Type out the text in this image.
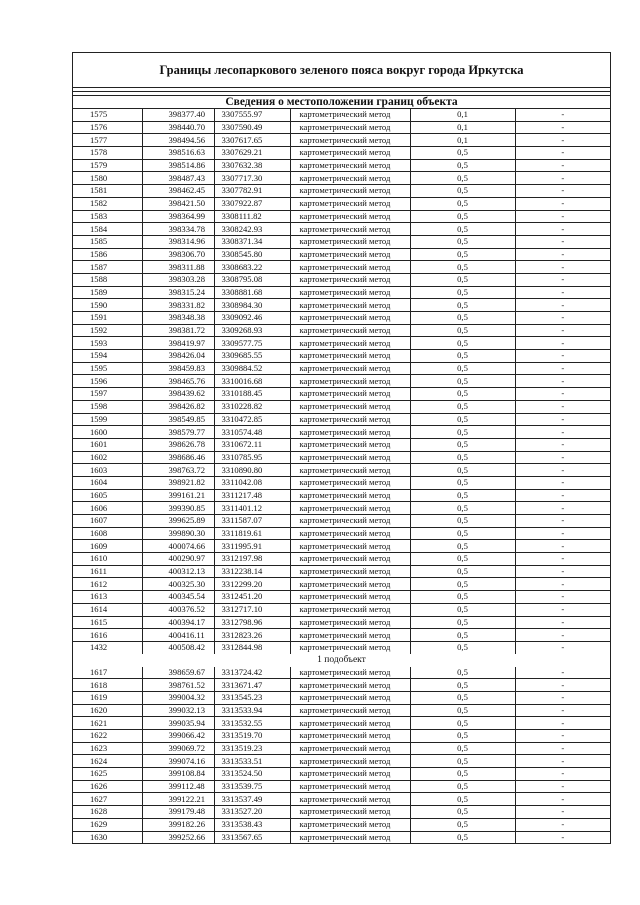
Границы лесопаркового зеленого пояса вокруг города Иркутска
Сведения о местоположении границ объекта
1575	398377.40	3307555.97	картометрический метод	0,1	-
1576	398440.70	3307590.49	картометрический метод	0,1	-
1577	398494.56	3307617.65	картометрический метод	0,1	-
1578	398516.63	3307629.21	картометрический метод	0,5	-
1579	398514.86	3307632.38	картометрический метод	0,5	-
1580	398487.43	3307717.30	картометрический метод	0,5	-
1581	398462.45	3307782.91	картометрический метод	0,5	-
1582	398421.50	3307922.87	картометрический метод	0,5	-
1583	398364.99	3308111.82	картометрический метод	0,5	-
1584	398334.78	3308242.93	картометрический метод	0,5	-
1585	398314.96	3308371.34	картометрический метод	0,5	-
1586	398306.70	3308545.80	картометрический метод	0,5	-
1587	398311.88	3308683.22	картометрический метод	0,5	-
1588	398303.28	3308795.08	картометрический метод	0,5	-
1589	398315.24	3308881.68	картометрический метод	0,5	-
1590	398331.82	3308984.30	картометрический метод	0,5	-
1591	398348.38	3309092.46	картометрический метод	0,5	-
1592	398381.72	3309268.93	картометрический метод	0,5	-
1593	398419.97	3309577.75	картометрический метод	0,5	-
1594	398426.04	3309685.55	картометрический метод	0,5	-
1595	398459.83	3309884.52	картометрический метод	0,5	-
1596	398465.76	3310016.68	картометрический метод	0,5	-
1597	398439.62	3310188.45	картометрический метод	0,5	-
1598	398426.82	3310228.82	картометрический метод	0,5	-
1599	398549.85	3310472.85	картометрический метод	0,5	-
1600	398579.77	3310574.48	картометрический метод	0,5	-
1601	398626.78	3310672.11	картометрический метод	0,5	-
1602	398686.46	3310785.95	картометрический метод	0,5	-
1603	398763.72	3310890.80	картометрический метод	0,5	-
1604	398921.82	3311042.08	картометрический метод	0,5	-
1605	399161.21	3311217.48	картометрический метод	0,5	-
1606	399390.85	3311401.12	картометрический метод	0,5	-
1607	399625.89	3311587.07	картометрический метод	0,5	-
1608	399890.30	3311819.61	картометрический метод	0,5	-
1609	400074.66	3311995.91	картометрический метод	0,5	-
1610	400290.97	3312197.98	картометрический метод	0,5	-
1611	400312.13	3312238.14	картометрический метод	0,5	-
1612	400325.30	3312299.20	картометрический метод	0,5	-
1613	400345.54	3312451.20	картометрический метод	0,5	-
1614	400376.52	3312717.10	картометрический метод	0,5	-
1615	400394.17	3312798.96	картометрический метод	0,5	-
1616	400416.11	3312823.26	картометрический метод	0,5	-
1432	400508.42	3312844.98	картометрический метод	0,5	-
1 подобъект					
1617	398659.67	3313724.42	картометрический метод	0,5	-
1618	398761.52	3313671.47	картометрический метод	0,5	-
1619	399004.32	3313545.23	картометрический метод	0,5	-
1620	399032.13	3313533.94	картометрический метод	0,5	-
1621	399035.94	3313532.55	картометрический метод	0,5	-
1622	399066.42	3313519.70	картометрический метод	0,5	-
1623	399069.72	3313519.23	картометрический метод	0,5	-
1624	399074.16	3313533.51	картометрический метод	0,5	-
1625	399108.84	3313524.50	картометрический метод	0,5	-
1626	399112.48	3313539.75	картометрический метод	0,5	-
1627	399122.21	3313537.49	картометрический метод	0,5	-
1628	399179.48	3313527.20	картометрический метод	0,5	-
1629	399182.26	3313538.43	картометрический метод	0,5	-
1630	399252.66	3313567.65	картометрический метод	0,5	-
